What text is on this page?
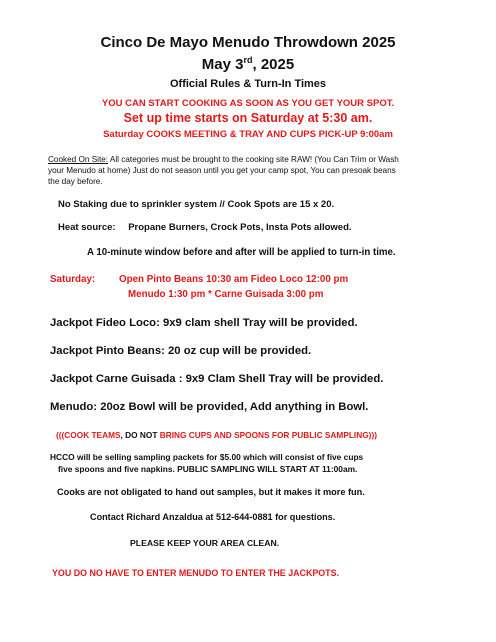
Cinco De Mayo Menudo Throwdown 2025
May 3rd, 2025
Official Rules & Turn-In Times
YOU CAN START COOKING AS SOON AS YOU GET YOUR SPOT.
Set up time starts on Saturday at 5:30 am.
Saturday COOKS MEETING & TRAY AND CUPS PICK-UP 9:00am
Cooked On Site: All categories must be brought to the cooking site RAW! (You Can Trim or Wash
your Menudo at home) Just do not season until you get your camp spot, You can presoak beans
the day before.
No Staking due to sprinkler system // Cook Spots are 15 x 20.
Heat source: Propane Burners, Crock Pots, Insta Pots allowed.
A 10-minute window before and after will be applied to turn-in time.
Saturday: Open Pinto Beans 10:30 am Fideo Loco 12:00 pm
Menudo 1:30 pm * Carne Guisada 3:00 pm
Jackpot Fideo Loco: 9x9 clam shell Tray will be provided.
Jackpot Pinto Beans: 20 oz cup will be provided.
Jackpot Carne Guisada : 9x9 Clam Shell Tray will be provided.
Menudo: 20oz Bowl will be provided, Add anything in Bowl.
(((COOK TEAMS, DO NOT BRING CUPS AND SPOONS FOR PUBLIC SAMPLING)))
HCCO will be selling sampling packets for $5.00 which will consist of five cups
five spoons and five napkins. PUBLIC SAMPLING WILL START AT 11:00am.
Cooks are not obligated to hand out samples, but it makes it more fun.
Contact Richard Anzaldua at 512-644-0881 for questions.
PLEASE KEEP YOUR AREA CLEAN.
YOU DO NO HAVE TO ENTER MENUDO TO ENTER THE JACKPOTS.
